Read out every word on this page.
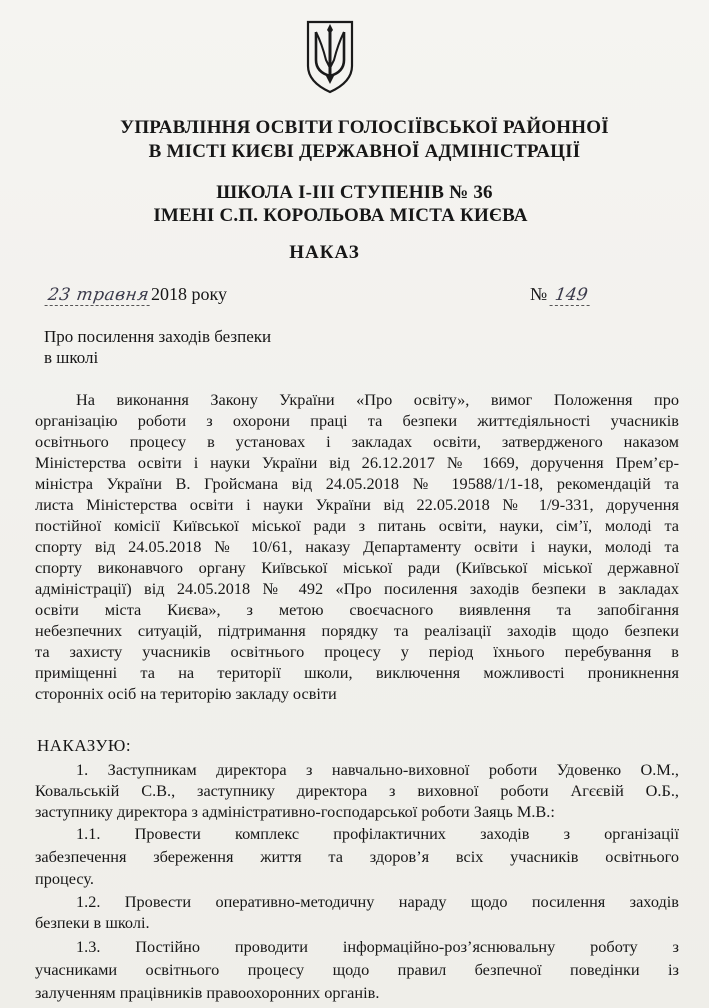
УПРАВЛІННЯ ОСВІТИ ГОЛОСІЇВСЬКОЇ РАЙОННОЇ
В МІСТІ КИЄВІ ДЕРЖАВНОЇ АДМІНІСТРАЦІЇ
ШКОЛА І-ІІІ СТУПЕНІВ № 36
ІМЕНІ С.П. КОРОЛЬОВА МІСТА КИЄВА
НАКАЗ
23 травня2018 року	№ 149
Про посилення заходів безпеки
в школі
На виконання Закону України «Про освіту», вимог Положення про
організацію роботи з охорони праці та безпеки життєдіяльності учасників
освітнього процесу в установах і закладах освіти, затвердженого наказом
Міністерства освіти і науки України від 26.12.2017 № 1669, доручення Прем’єр-
міністра України В. Гройсмана від 24.05.2018 № 19588/1/1-18, рекомендацій та
листа Міністерства освіти і науки України від 22.05.2018 № 1/9-331, доручення
постійної комісії Київської міської ради з питань освіти, науки, сім’ї, молоді та
спорту від 24.05.2018 № 10/61, наказу Департаменту освіти і науки, молоді та
спорту виконавчого органу Київської міської ради (Київської міської державної
адміністрації) від 24.05.2018 № 492 «Про посилення заходів безпеки в закладах
освіти міста Києва», з метою своєчасного виявлення та запобігання
небезпечних ситуацій, підтримання порядку та реалізації заходів щодо безпеки
та захисту учасників освітнього процесу у період їхнього перебування в
приміщенні та на території школи, виключення можливості проникнення
сторонніх осіб на територію закладу освіти
НАКАЗУЮ:
1. Заступникам директора з навчально-виховної роботи Удовенко О.М.,
Ковальській С.В., заступнику директора з виховної роботи Агєєвій О.Б.,
заступнику директора з адміністративно-господарської роботи Заяць М.В.:
1.1. Провести комплекс профілактичних заходів з організації
забезпечення збереження життя та здоров’я всіх учасників освітнього
процесу.
1.2. Провести оперативно-методичну нараду щодо посилення заходів
безпеки в школі.
1.3. Постійно проводити інформаційно-роз’яснювальну роботу з
учасниками освітнього процесу щодо правил безпечної поведінки із
залученням працівників правоохоронних органів.
